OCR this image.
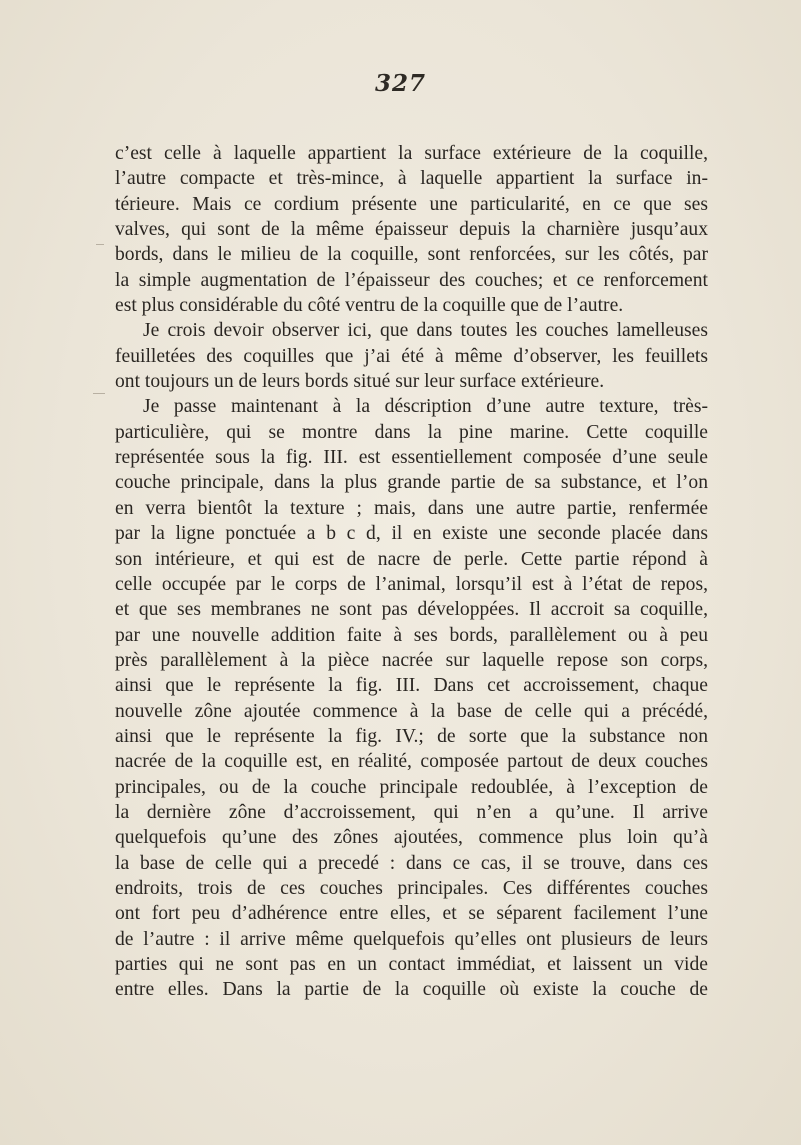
327
c’est celle à laquelle appartient la surface extérieure de la coquille,
l’autre compacte et très-mince, à laquelle appartient la surface in-
térieure. Mais ce cordium présente une particularité, en ce que ses
valves, qui sont de la même épaisseur depuis la charnière jusqu’aux
bords, dans le milieu de la coquille, sont renforcées, sur les côtés, par
la simple augmentation de l’épaisseur des couches; et ce renforcement
est plus considérable du côté ventru de la coquille que de l’autre.
Je crois devoir observer ici, que dans toutes les couches lamelleuses
feuilletées des coquilles que j’ai été à même d’observer, les feuillets
ont toujours un de leurs bords situé sur leur surface extérieure.
Je passe maintenant à la déscription d’une autre texture, très-
particulière, qui se montre dans la pine marine. Cette coquille
représentée sous la fig. III. est essentiellement composée d’une seule
couche principale, dans la plus grande partie de sa substance, et l’on
en verra bientôt la texture ; mais, dans une autre partie, renfermée
par la ligne ponctuée a b c d, il en existe une seconde placée dans
son intérieure, et qui est de nacre de perle. Cette partie répond à
celle occupée par le corps de l’animal, lorsqu’il est à l’état de repos,
et que ses membranes ne sont pas développées. Il accroit sa coquille,
par une nouvelle addition faite à ses bords, parallèlement ou à peu
près parallèlement à la pièce nacrée sur laquelle repose son corps,
ainsi que le représente la fig. III. Dans cet accroissement, chaque
nouvelle zône ajoutée commence à la base de celle qui a précédé,
ainsi que le représente la fig. IV.; de sorte que la substance non
nacrée de la coquille est, en réalité, composée partout de deux couches
principales, ou de la couche principale redoublée, à l’exception de
la dernière zône d’accroissement, qui n’en a qu’une. Il arrive
quelquefois qu’une des zônes ajoutées, commence plus loin qu’à
la base de celle qui a precedé : dans ce cas, il se trouve, dans ces
endroits, trois de ces couches principales. Ces différentes couches
ont fort peu d’adhérence entre elles, et se séparent facilement l’une
de l’autre : il arrive même quelquefois qu’elles ont plusieurs de leurs
parties qui ne sont pas en un contact immédiat, et laissent un vide
entre elles. Dans la partie de la coquille où existe la couche de
